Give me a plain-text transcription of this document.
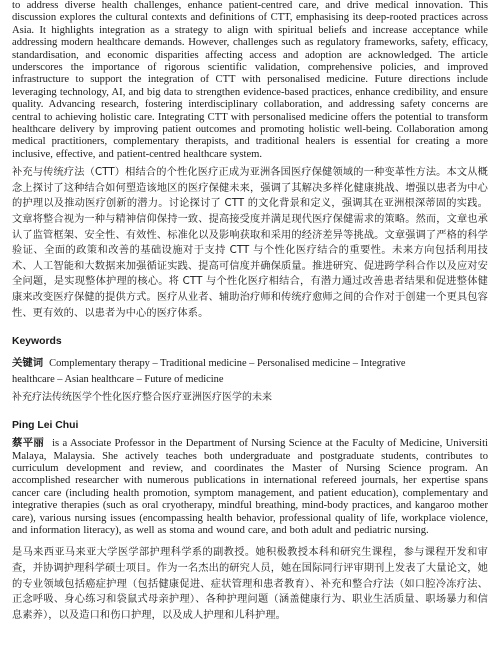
to address diverse health challenges, enhance patient-centred care, and drive medical innovation. This discussion explores the cultural contexts and definitions of CTT, emphasising its deep-rooted practices across Asia. It highlights integration as a strategy to align with spiritual beliefs and increase acceptance while addressing modern healthcare demands. However, challenges such as regulatory frameworks, safety, efficacy, standardisation, and economic disparities affecting access and adoption are acknowledged. The article underscores the importance of rigorous scientific validation, comprehensive policies, and improved infrastructure to support the integration of CTT with personalised medicine. Future directions include leveraging technology, AI, and big data to strengthen evidence-based practices, enhance credibility, and ensure quality. Advancing research, fostering interdisciplinary collaboration, and addressing safety concerns are central to achieving holistic care. Integrating CTT with personalised medicine offers the potential to transform healthcare delivery by improving patient outcomes and promoting holistic well-being. Collaboration among medical practitioners, complementary therapists, and traditional healers is essential for creating a more inclusive, effective, and patient-centred healthcare system.

补充与传统疗法（CTT）相结合的个性化医疗正成为亚洲各国医疗保健领域的一种变革性方法。本文从概念上探讨了这种结合如何塑造该地区的医疗保健未来，强调了其解决多样化健康挑战、增强以患者为中心的护理以及推动医疗创新的潜力。讨论探讨了 CTT 的文化背景和定义，强调其在亚洲根深蒂固的实践。文章将整合视为一种与精神信仰保持一致、提高接受度并满足现代医疗保健需求的策略。然而，文章也承认了监管框架、安全性、有效性、标准化以及影响获取和采用的经济差异等挑战。文章强调了严格的科学验证、全面的政策和改善的基础设施对于支持 CTT 与个性化医疗结合的重要性。未来方向包括利用技术、人工智能和大数据来加强循证实践、提高可信度并确保质量。推进研究、促进跨学科合作以及应对安全问题，是实现整体护理的核心。将 CTT 与个性化医疗相结合，有潜力通过改善患者结果和促进整体健康来改变医疗保健的提供方式。医疗从业者、辅助治疗师和传统疗愈师之间的合作对于创建一个更具包容性、更有效的、以患者为中心的医疗体系。

Keywords
关键词 Complementary therapy – Traditional medicine – Personalised medicine – Integrative
healthcare – Asian healthcare – Future of medicine
补充疗法传统医学个性化医疗整合医疗亚洲医疗医学的未来
Ping Lei Chui

蔡平丽 is a Associate Professor in the Department of Nursing Science at the Faculty of Medicine, Universiti Malaya, Malaysia. She actively teaches both undergraduate and postgraduate students, contributes to curriculum development and review, and coordinates the Master of Nursing Science program. An accomplished researcher with numerous publications in international refereed journals, her expertise spans cancer care (including health promotion, symptom management, and patient education), complementary and integrative therapies (such as oral cryotherapy, mindful breathing, mind-body practices, and kangaroo mother care), various nursing issues (encompassing health behavior, professional quality of life, workplace violence, and information literacy), as well as stoma and wound care, and both adult and pediatric nursing.

是马来西亚马来亚大学医学部护理科学系的副教授。她积极教授本科和研究生课程，参与课程开发和审查，并协调护理科学硕士项目。作为一名杰出的研究人员，她在国际同行评审期刊上发表了大量论文，她的专业领域包括癌症护理（包括健康促进、症状管理和患者教育）、补充和整合疗法（如口腔冷冻疗法、正念呼吸、身心练习和袋鼠式母亲护理）、各种护理问题（涵盖健康行为、职业生活质量、职场暴力和信息素养），以及造口和伤口护理，以及成人护理和儿科护理。
